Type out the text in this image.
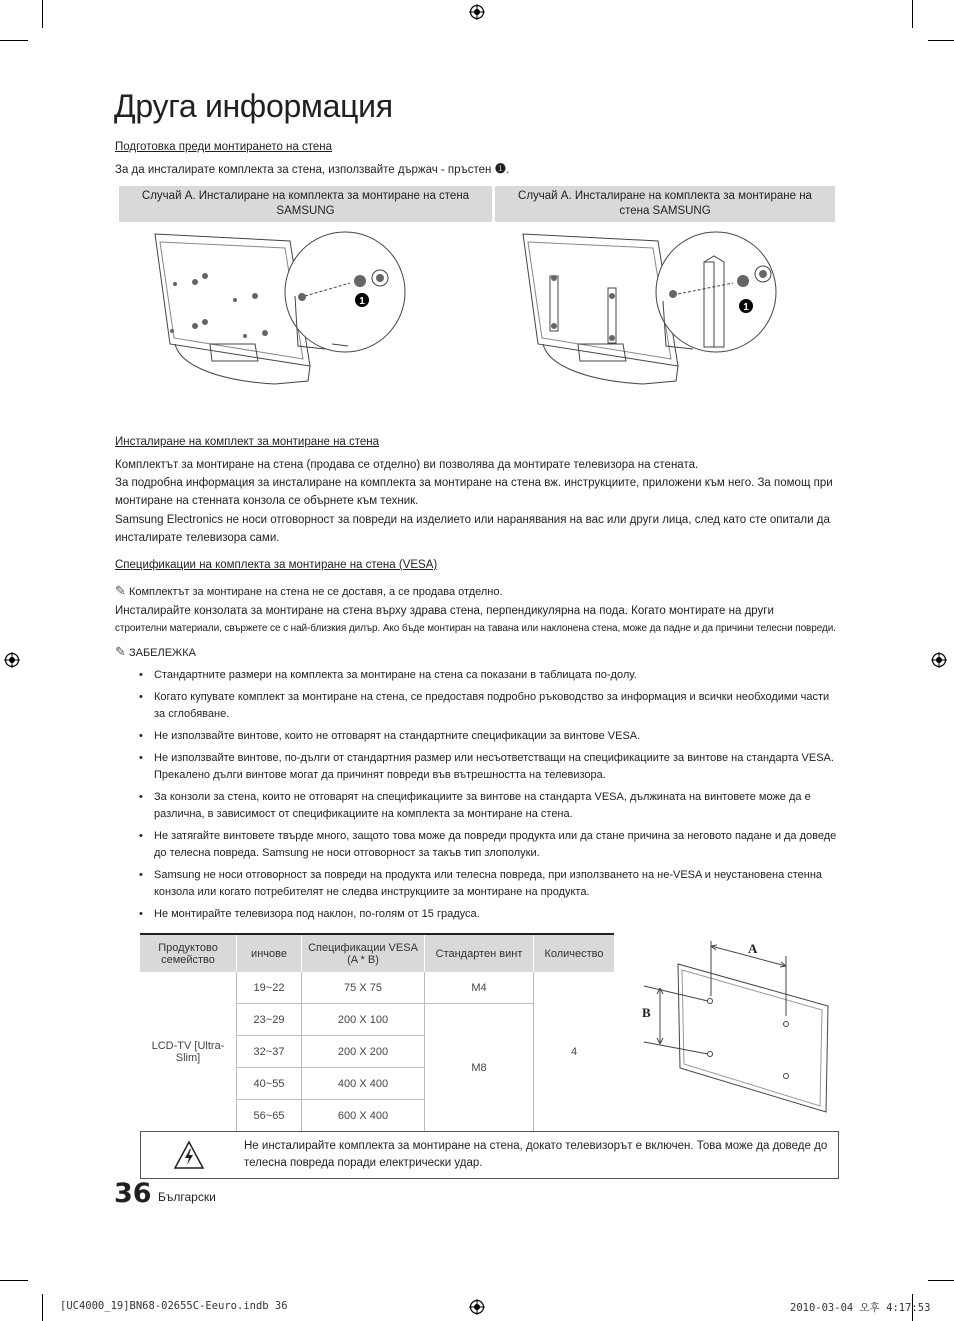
Друга информация
Подготовка преди монтирането на стена
За да инсталирате комплекта за стена, използвайте държач - пръстен ❶.
Случай А. Инсталиране на комплекта за монтиране на стена SAMSUNG
Случай А. Инсталиране на комплекта за монтиране на стена SAMSUNG
1
1
Инсталиране на комплект за монтиране на стена
Комплектът за монтиране на стена (продава се отделно) ви позволява да монтирате телевизора на стената.
За подробна информация за инсталиране на комплекта за монтиране на стена вж. инструкциите, приложени към него. За помощ при монтиране на стенната конзола се обърнете към техник.
Samsung Electronics не носи отговорност за повреди на изделието или наранявания на вас или други лица, след като сте опитали да инсталирате телевизора сами.
Спецификации на комплекта за монтиране на стена (VESA)
✎ Комплектът за монтиране на стена не се доставя, а се продава отделно.
Инсталирайте конзолата за монтиране на стена върху здрава стена, перпендикулярна на пода. Когато монтирате на други
строителни материали, свържете се с най-близкия дилър. Ако бъде монтиран на тавана или наклонена стена, може да падне и да причини телесни повреди.
✎ ЗАБЕЛЕЖКА
• Стандартните размери на комплекта за монтиране на стена са показани в таблицата по-долу.
• Когато купувате комплект за монтиране на стена, се предоставя подробно ръководство за информация и всички необходими части за сглобяване.
• Не използвайте винтове, които не отговарят на стандартните спецификации за винтове VESA.
• Не използвайте винтове, по-дълги от стандартния размер или несъответстващи на спецификациите за винтове на стандарта VESA. Прекалено дълги винтове могат да причинят повреди във вътрешността на телевизора.
• За конзоли за стена, които не отговарят на спецификациите за винтове на стандарта VESA, дължината на винтовете може да е различна, в зависимост от спецификациите на комплекта за монтиране на стена.
• Не затягайте винтовете твърде много, защото това може да повреди продукта или да стане причина за неговото падане и да доведе до телесна повреда. Samsung не носи отговорност за такъв тип злополуки.
• Samsung не носи отговорност за повреди на продукта или телесна повреда, при използването на не-VESA и неустановена стенна конзола или когато потребителят не следва инструкциите за монтиране на продукта.
• Не монтирайте телевизора под наклон, по-голям от 15 градуса.
Продуктово семейство	инчове	Спецификации VESA (A * B)	Стандартен винт	Количество
LCD-TV [Ultra-Slim]	19~22	75 X 75	M4	4
	23~29	200 X 100	M8	
	32~37	200 X 200		
	40~55	400 X 400		
	56~65	600 X 400		
A
B
Не инсталирайте комплекта за монтиране на стена, докато телевизорът е включен. Това може да доведе до телесна повреда поради електрически удар.
36 Български
[UC4000_19]BN68-02655C-Eeuro.indb 36	2010-03-04 오후 4:17:53
